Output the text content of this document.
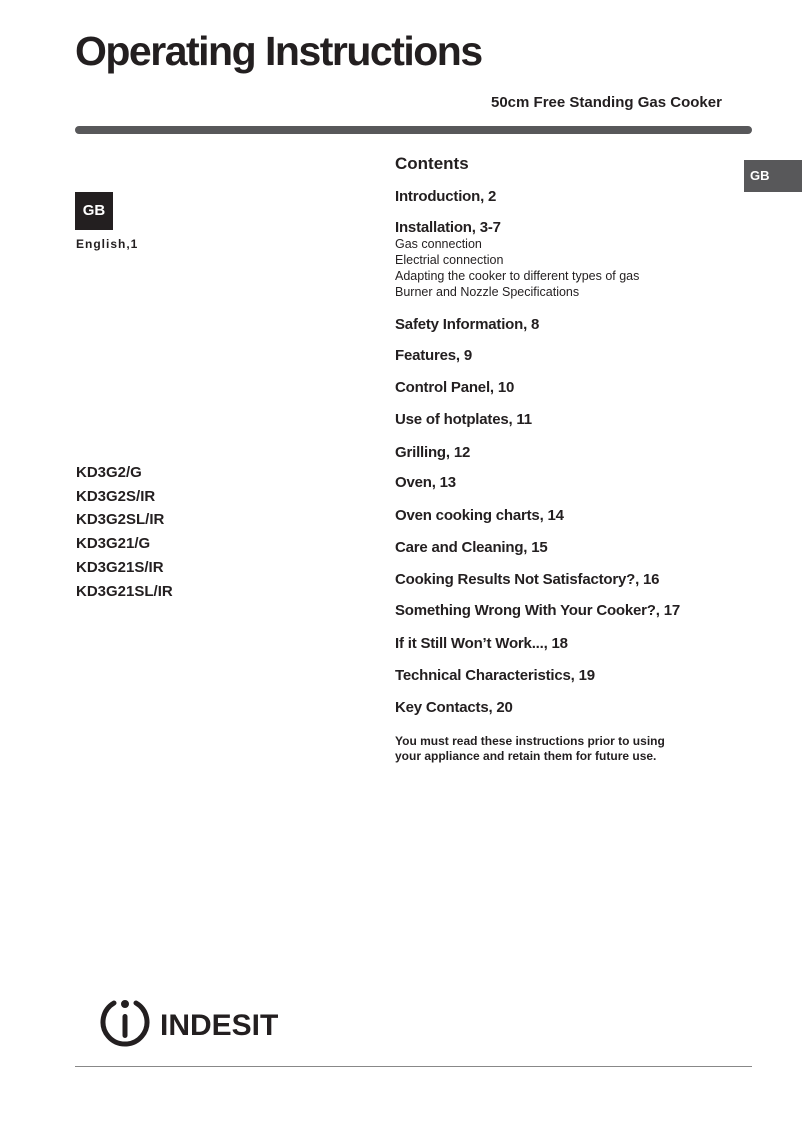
Operating Instructions
50cm Free Standing Gas Cooker
GB
GB
English,1
Contents
Introduction, 2
Installation, 3-7
Gas connection
Electrial connection
Adapting the cooker to different types of gas
Burner and Nozzle Specifications
Safety Information, 8
Features, 9
Control Panel, 10
Use of hotplates, 11
Grilling, 12
Oven, 13
Oven cooking charts, 14
Care and Cleaning, 15
Cooking Results Not Satisfactory?, 16
Something Wrong With Your Cooker?, 17
If it Still Won’t Work..., 18
Technical Characteristics, 19
Key Contacts, 20
You must read these instructions prior to using
your appliance and retain them for future use.
KD3G2/G
KD3G2S/IR
KD3G2SL/IR
KD3G21/G
KD3G21S/IR
KD3G21SL/IR
INDESIT
